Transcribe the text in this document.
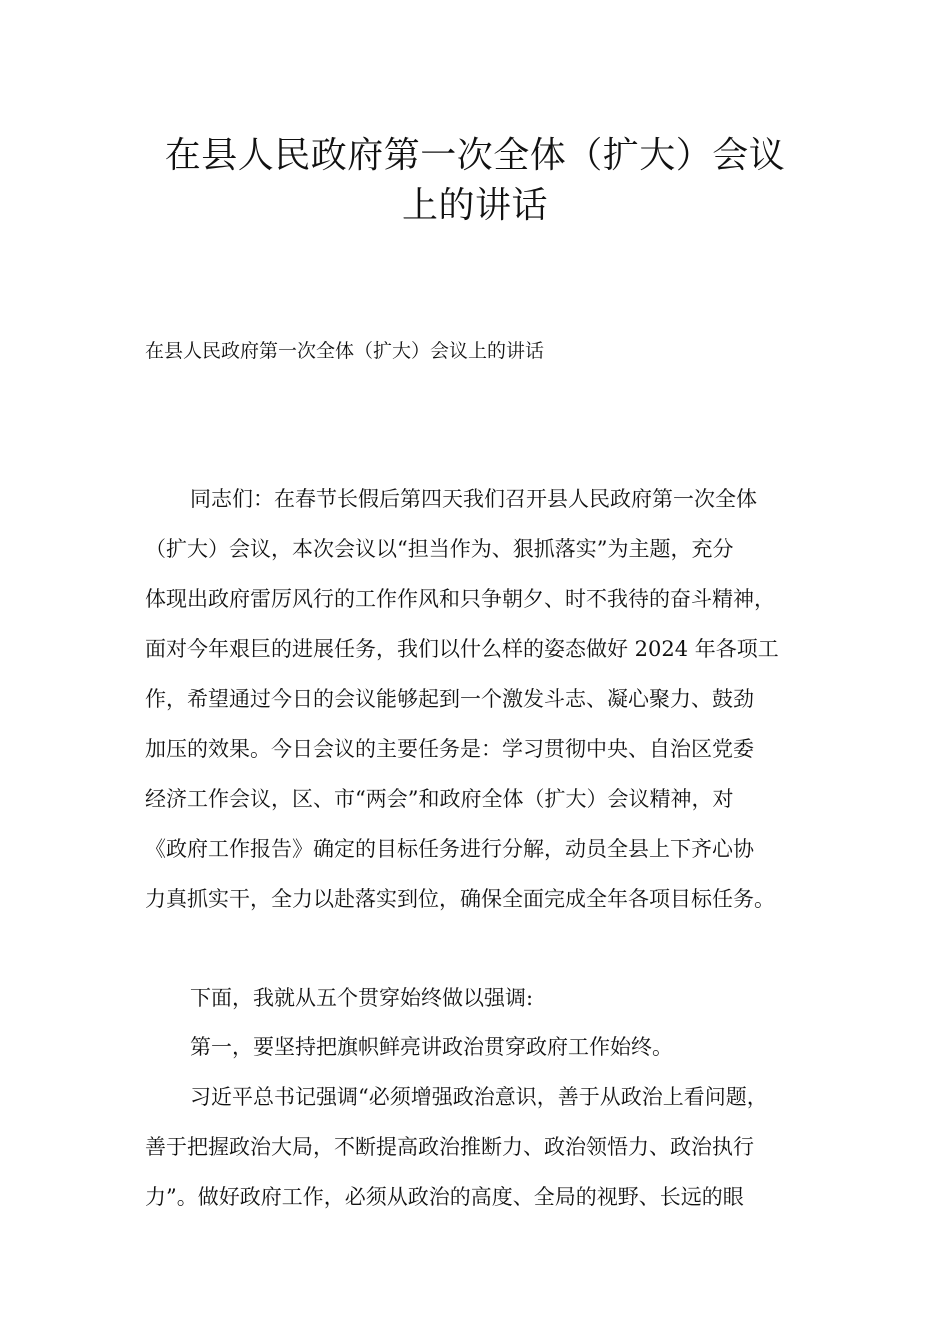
在县人民政府第一次全体（扩大）会议
上的讲话
在县人民政府第一次全体（扩大）会议上的讲话
同志们：在春节长假后第四天我们召开县人民政府第一次全体
（扩大）会议，本次会议以“担当作为、狠抓落实”为主题，充分
体现出政府雷厉风行的工作作风和只争朝夕、时不我待的奋斗精神，
面对今年艰巨的进展任务，我们以什么样的姿态做好 2024 年各项工
作，希望通过今日的会议能够起到一个激发斗志、凝心聚力、鼓劲
加压的效果。今日会议的主要任务是：学习贯彻中央、自治区党委
经济工作会议，区、市“两会”和政府全体（扩大）会议精神，对
《政府工作报告》确定的目标任务进行分解，动员全县上下齐心协
力真抓实干，全力以赴落实到位，确保全面完成全年各项目标任务。
下面，我就从五个贯穿始终做以强调:
第一，要坚持把旗帜鲜亮讲政治贯穿政府工作始终。
习近平总书记强调“必须增强政治意识，善于从政治上看问题，
善于把握政治大局，不断提高政治推断力、政治领悟力、政治执行
力”。做好政府工作，必须从政治的高度、全局的视野、长远的眼
